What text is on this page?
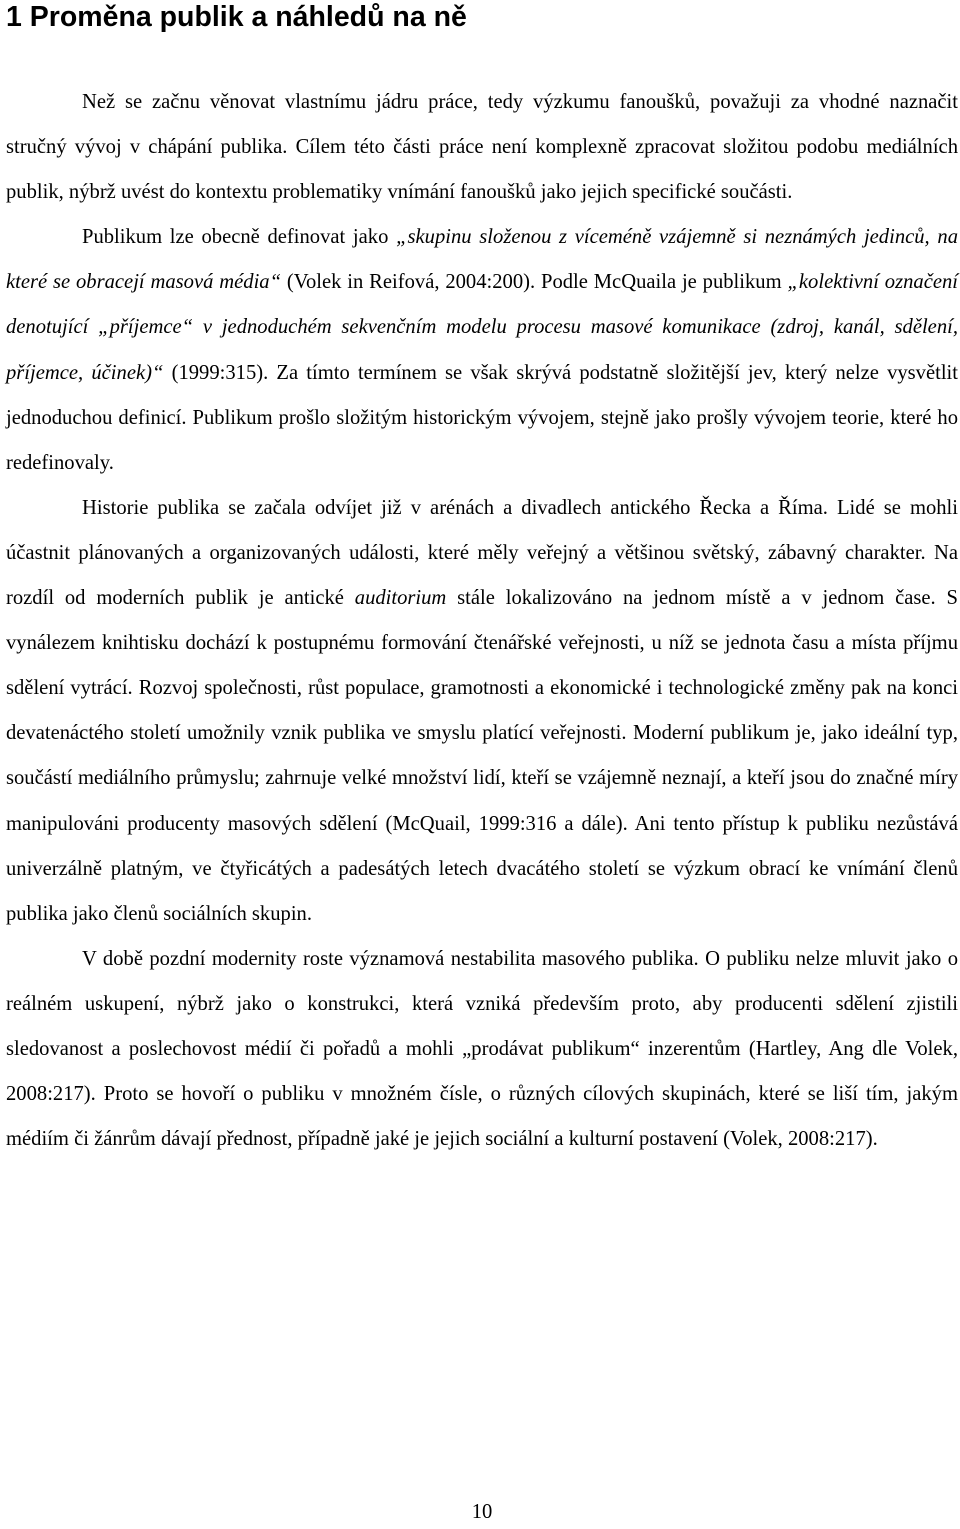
1 Proměna publik a náhledů na ně

Než se začnu věnovat vlastnímu jádru práce, tedy výzkumu fanoušků, považuji za vhodné naznačit stručný vývoj v chápání publika. Cílem této části práce není komplexně zpracovat složitou podobu mediálních publik, nýbrž uvést do kontextu problematiky vnímání fanoušků jako jejich specifické součásti.

Publikum lze obecně definovat jako „skupinu složenou z víceméně vzájemně si neznámých jedinců, na které se obracejí masová média“ (Volek in Reifová, 2004:200). Podle McQuaila je publikum „kolektivní označení denotující „příjemce“ v jednoduchém sekvenčním modelu procesu masové komunikace (zdroj, kanál, sdělení, příjemce, účinek)“ (1999:315). Za tímto termínem se však skrývá podstatně složitější jev, který nelze vysvětlit jednoduchou definicí. Publikum prošlo složitým historickým vývojem, stejně jako prošly vývojem teorie, které ho redefinovaly.

Historie publika se začala odvíjet již v arénách a divadlech antického Řecka a Říma. Lidé se mohli účastnit plánovaných a organizovaných události, které měly veřejný a většinou světský, zábavný charakter. Na rozdíl od moderních publik je antické auditorium stále lokalizováno na jednom místě a v jednom čase. S vynálezem knihtisku dochází k postupnému formování čtenářské veřejnosti, u níž se jednota času a místa příjmu sdělení vytrácí. Rozvoj společnosti, růst populace, gramotnosti a ekonomické i technologické změny pak na konci devatenáctého století umožnily vznik publika ve smyslu platící veřejnosti. Moderní publikum je, jako ideální typ, součástí mediálního průmyslu; zahrnuje velké množství lidí, kteří se vzájemně neznají, a kteří jsou do značné míry manipulováni producenty masových sdělení (McQuail, 1999:316 a dále). Ani tento přístup k publiku nezůstává univerzálně platným, ve čtyřicátých a padesátých letech dvacátého století se výzkum obrací ke vnímání členů publika jako členů sociálních skupin.

V době pozdní modernity roste významová nestabilita masového publika. O publiku nelze mluvit jako o reálném uskupení, nýbrž jako o konstrukci, která vzniká především proto, aby producenti sdělení zjistili sledovanost a poslechovost médií či pořadů a mohli „prodávat publikum“ inzerentům (Hartley, Ang dle Volek, 2008:217). Proto se hovoří o publiku v množném čísle, o různých cílových skupinách, které se liší tím, jakým médiím či žánrům dávají přednost, případně jaké je jejich sociální a kulturní postavení (Volek, 2008:217).

10
